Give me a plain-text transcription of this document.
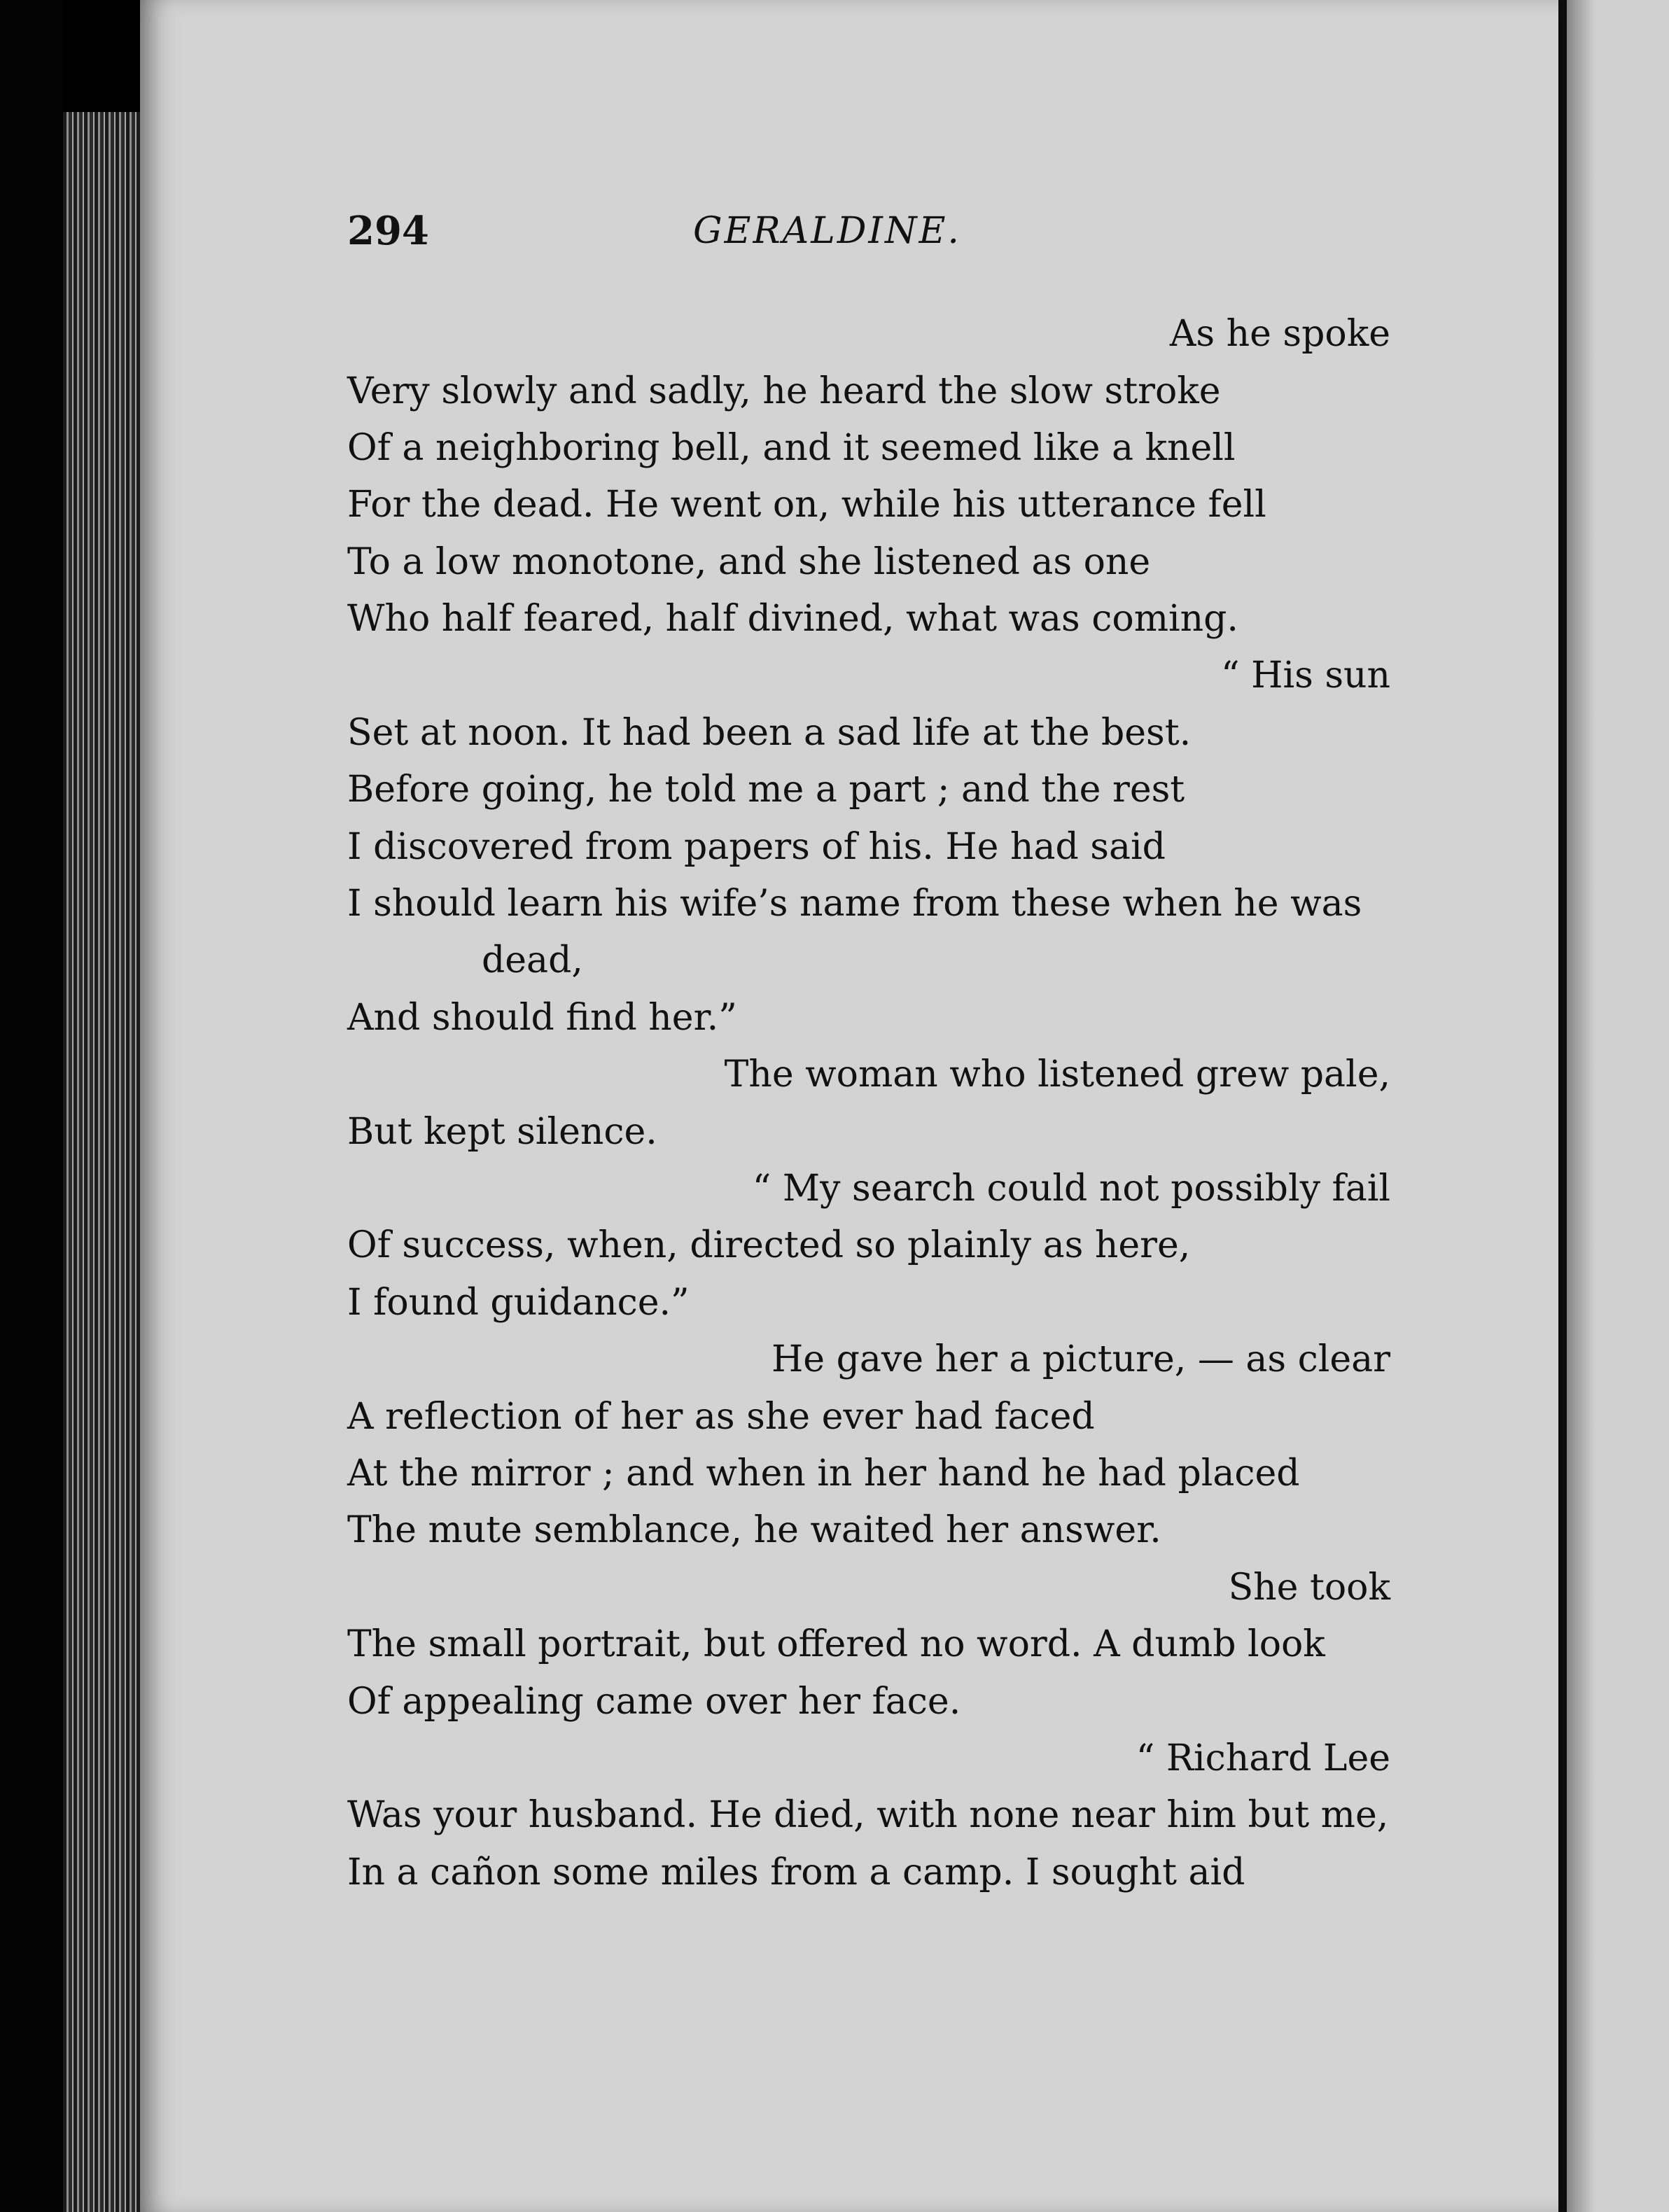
294	GERALDINE.
As he spoke
Very slowly and sadly, he heard the slow stroke
Of a neighboring bell, and it seemed like a knell
For the dead. He went on, while his utterance fell
To a low monotone, and she listened as one
Who half feared, half divined, what was coming.
“ His sun
Set at noon. It had been a sad life at the best.
Before going, he told me a part ; and the rest
I discovered from papers of his. He had said
I should learn his wife’s name from these when he was
dead,
And should find her.”
The woman who listened grew pale,
But kept silence.
“ My search could not possibly fail
Of success, when, directed so plainly as here,
I found guidance.”
He gave her a picture, — as clear
A reflection of her as she ever had faced
At the mirror ; and when in her hand he had placed
The mute semblance, he waited her answer.
She took
The small portrait, but offered no word. A dumb look
Of appealing came over her face.
“ Richard Lee
Was your husband. He died, with none near him but me,
In a cañon some miles from a camp. I sought aid
